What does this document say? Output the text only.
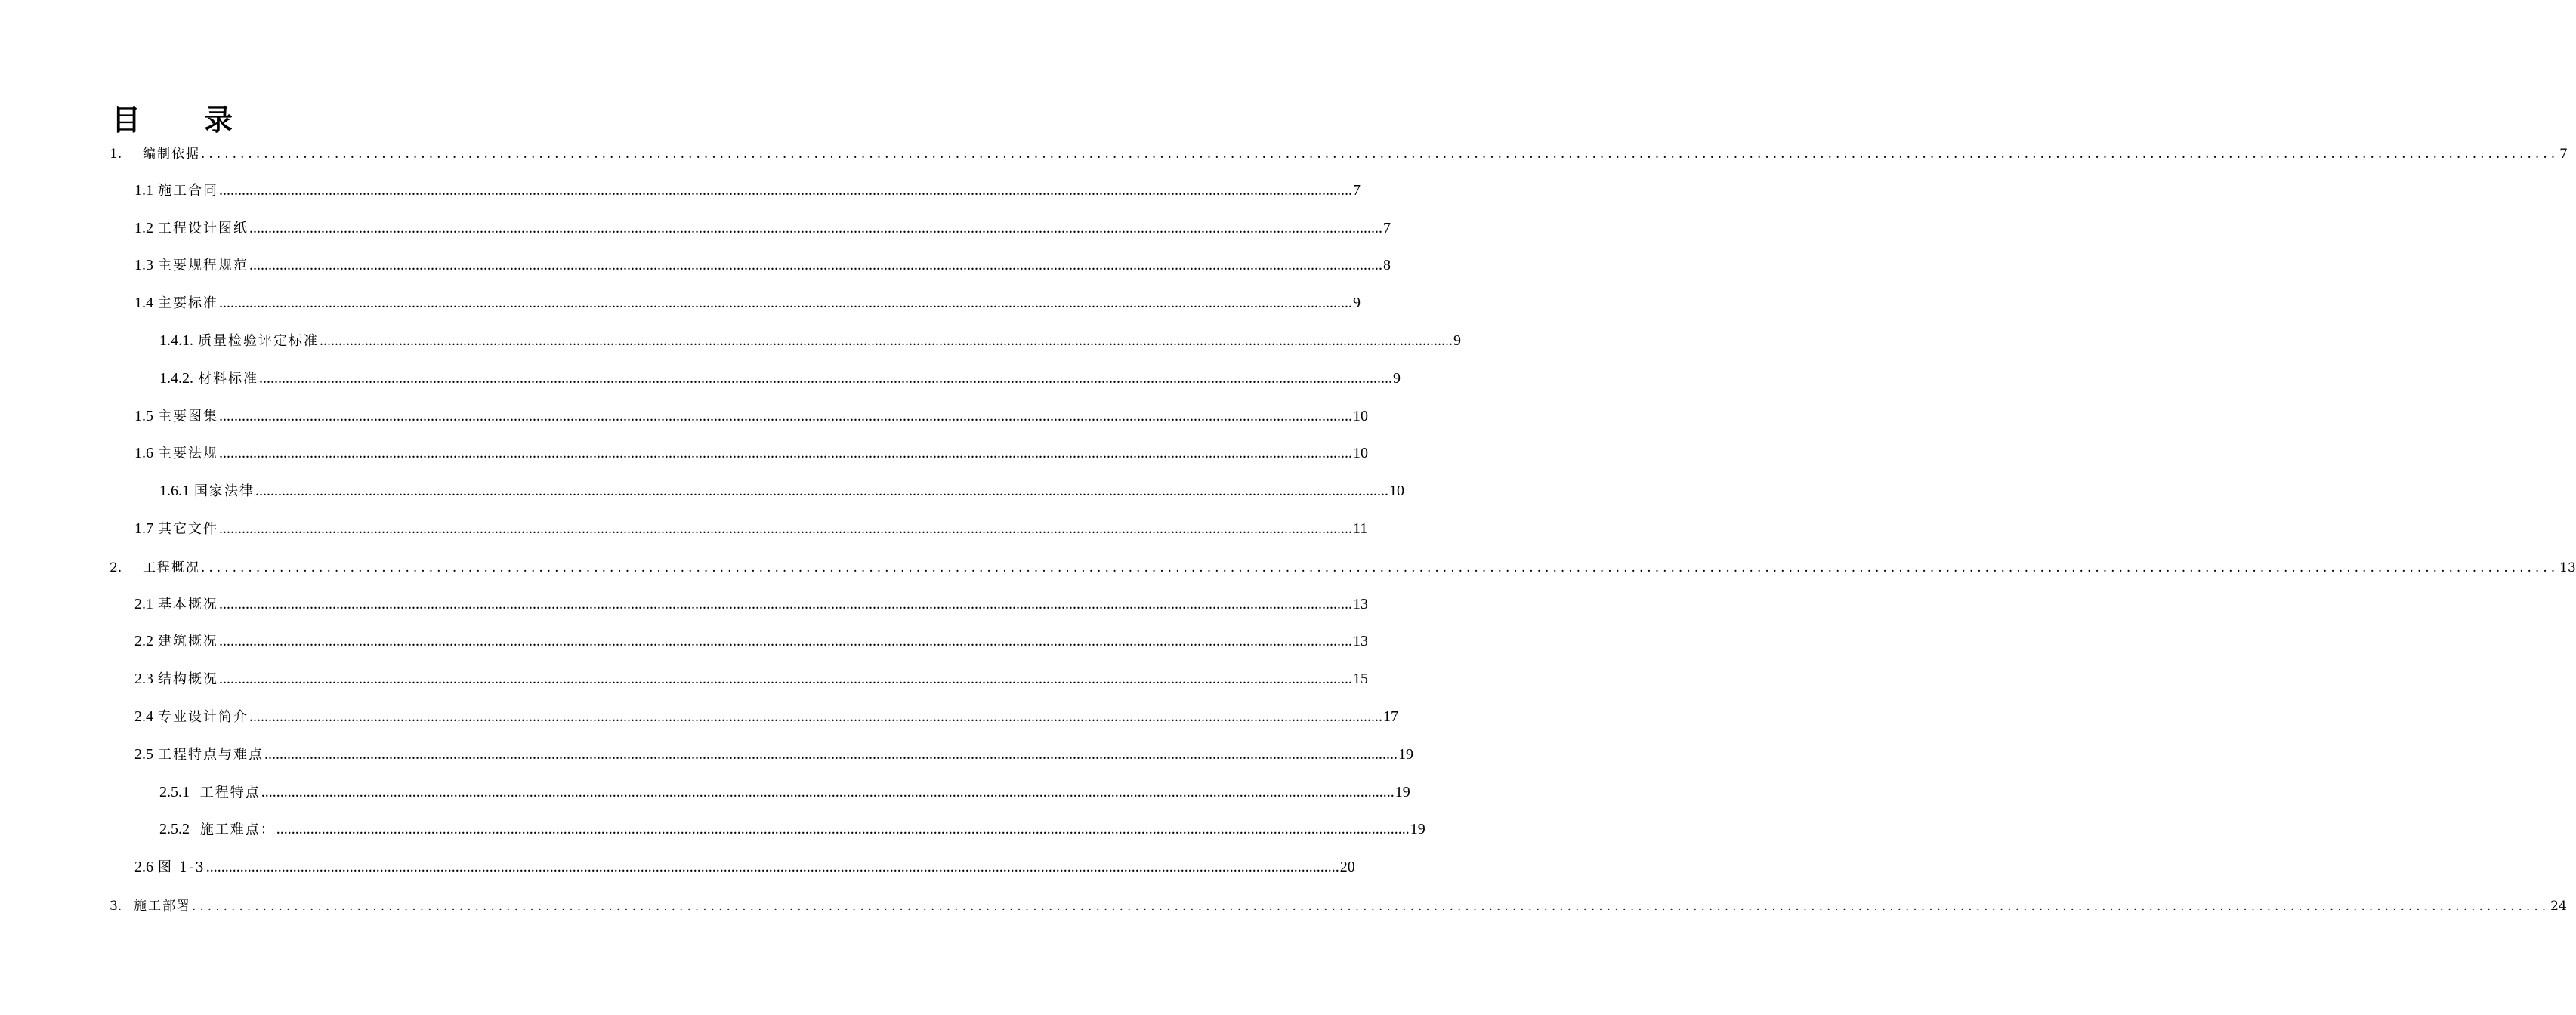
目 录
1. 编制依据 ............................................................................................................................................................................................................................................................................................................ 7
1.1 施工合同 ............................................................................................................................................................................................................................................................................................................ 7
1.2 工程设计图纸 ............................................................................................................................................................................................................................................................................................................ 7
1.3 主要规程规范 ............................................................................................................................................................................................................................................................................................................ 8
1.4 主要标准 ............................................................................................................................................................................................................................................................................................................ 9
1.4.1. 质量检验评定标准 ............................................................................................................................................................................................................................................................................................................ 9
1.4.2. 材料标准 ............................................................................................................................................................................................................................................................................................................ 9
1.5 主要图集 ............................................................................................................................................................................................................................................................................................................ 10
1.6 主要法规 ............................................................................................................................................................................................................................................................................................................ 10
1.6.1 国家法律 ............................................................................................................................................................................................................................................................................................................ 10
1.7 其它文件 ............................................................................................................................................................................................................................................................................................................ 11
2. 工程概况 ............................................................................................................................................................................................................................................................................................................ 13
2.1 基本概况 ............................................................................................................................................................................................................................................................................................................ 13
2.2 建筑概况 ............................................................................................................................................................................................................................................................................................................ 13
2.3 结构概况 ............................................................................................................................................................................................................................................................................................................ 15
2.4 专业设计简介 ............................................................................................................................................................................................................................................................................................................ 17
2.5 工程特点与难点 ............................................................................................................................................................................................................................................................................................................ 19
2.5.1 工程特点 ............................................................................................................................................................................................................................................................................................................ 19
2.5.2 施工难点： ............................................................................................................................................................................................................................................................................................................ 19
2.6 图 1-3 ............................................................................................................................................................................................................................................................................................................ 20
3. 施工部署 ............................................................................................................................................................................................................................................................................................................ 24
